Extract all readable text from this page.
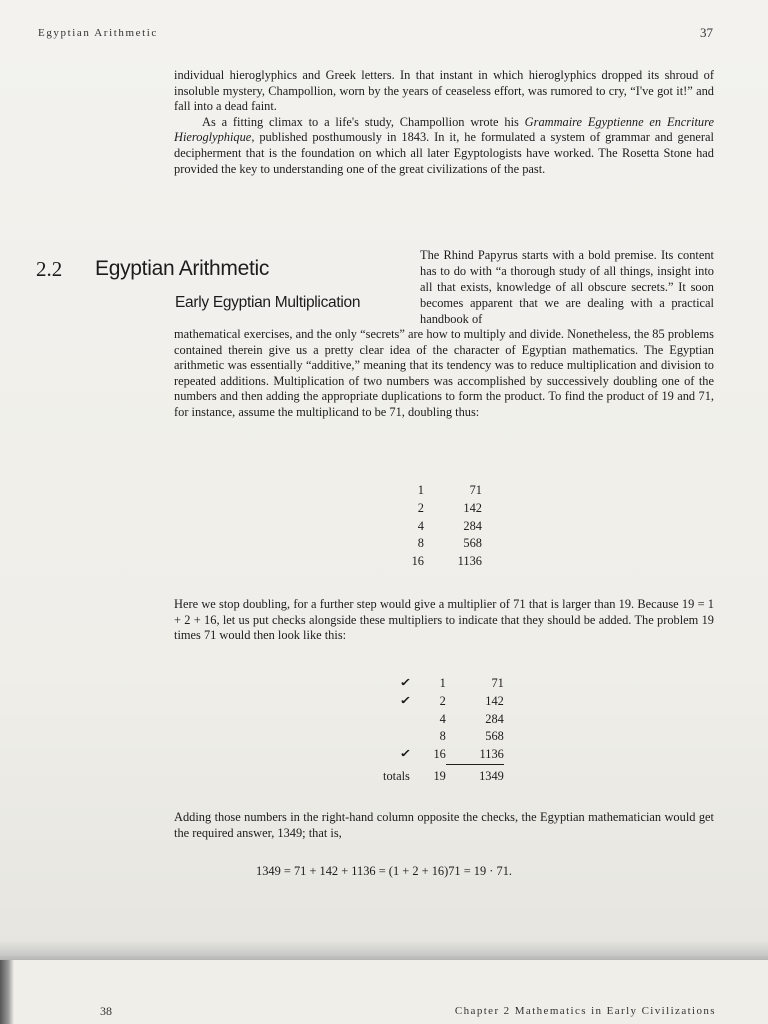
Egyptian Arithmetic	37

individual hieroglyphics and Greek letters. In that instant in which hieroglyphics dropped its shroud of insoluble mystery, Champollion, worn by the years of ceaseless effort, was rumored to cry, “I've got it!” and fall into a dead faint.

As a fitting climax to a life's study, Champollion wrote his Grammaire Egyptienne en Encriture Hieroglyphique, published posthumously in 1843. In it, he formulated a system of grammar and general decipherment that is the foundation on which all later Egyptologists have worked. The Rosetta Stone had provided the key to understanding one of the great civilizations of the past.

2.2 Egyptian Arithmetic
Early Egyptian Multiplication
The Rhind Papyrus starts with a bold premise. Its content has to do with “a thorough study of all things, insight into all that exists, knowledge of all obscure secrets.” It soon becomes apparent that we are dealing with a practical handbook of

mathematical exercises, and the only “secrets” are how to multiply and divide. Nonetheless, the 85 problems contained therein give us a pretty clear idea of the character of Egyptian mathematics. The Egyptian arithmetic was essentially “additive,” meaning that its tendency was to reduce multiplication and division to repeated additions. Multiplication of two numbers was accomplished by successively doubling one of the numbers and then adding the appropriate duplications to form the product. To find the product of 19 and 71, for instance, assume the multiplicand to be 71, doubling thus:

1	71
2	142
4	284
8	568
16	1136

Here we stop doubling, for a further step would give a multiplier of 71 that is larger than 19. Because 19 = 1 + 2 + 16, let us put checks alongside these multipliers to indicate that they should be added. The problem 19 times 71 would then look like this:

✓	1	71
✓	2	142
	4	284
	8	568
✓	16	1136
totals	19	1349

Adding those numbers in the right-hand column opposite the checks, the Egyptian mathematician would get the required answer, 1349; that is,

1349 = 71 + 142 + 1136 = (1 + 2 + 16)71 = 19 · 71.
38	Chapter 2 Mathematics in Early Civilizations
